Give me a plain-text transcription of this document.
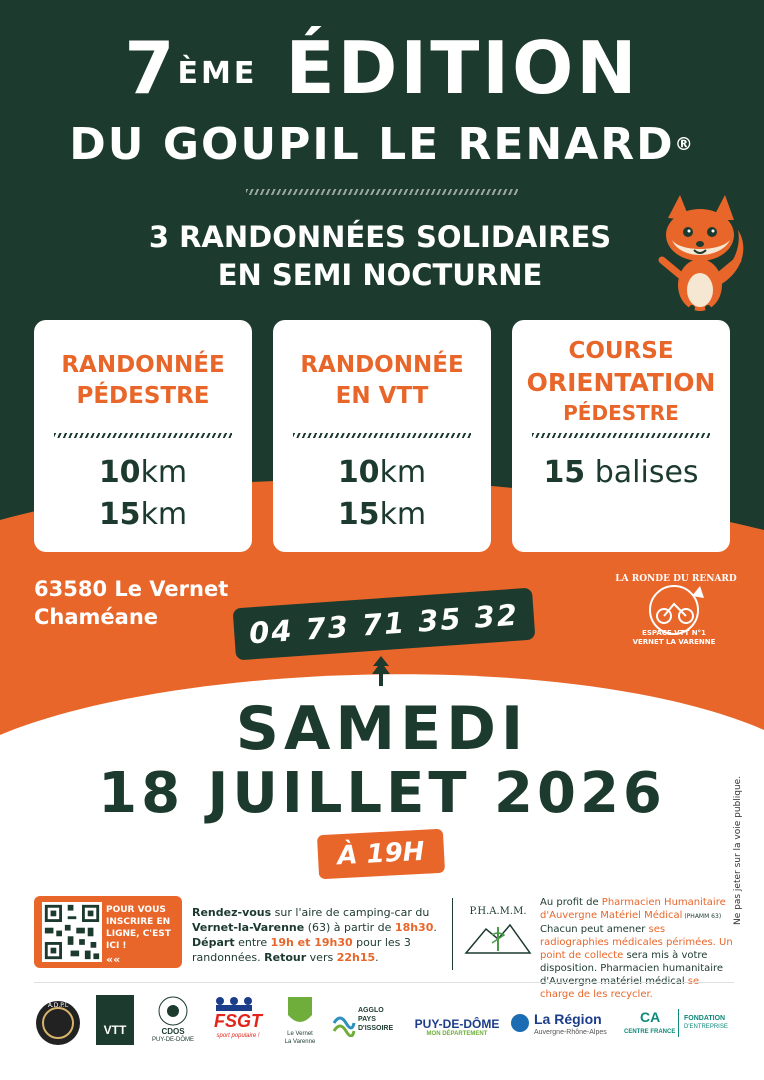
7ÈME ÉDITION
DU GOUPIL LE RENARD®
3 RANDONNÉES SOLIDAIRES
EN SEMI NOCTURNE
RANDONNÉE
PÉDESTRE
10km
15km
RANDONNÉE
EN VTT
10km
15km
COURSE
ORIENTATION
PÉDESTRE
15 balises
63580 Le Vernet
Chaméane	04 73 71 35 32
LA RONDE DU RENARD
ESPACE VTT N°1
VERNET LA VARENNE
SAMEDI
18 JUILLET 2026
À 19H	Ne pas jeter sur la voie publique.
POUR VOUS INSCRIRE EN LIGNE, C'EST ICI !
««
Rendez-vous sur l'aire de camping-car du Vernet-la-Varenne (63) à partir de 18h30. Départ entre 19h et 19h30 pour les 3 randonnées. Retour vers 22h15.
P.H.A.M.M.
Au profit de Pharmacien Humanitaire d'Auvergne Matériel Médical (PHAMM 63)
Chacun peut amener ses radiographies médicales périmées. Un point de collecte sera mis à votre disposition. Pharmacien humanitaire charge de les recycler.
A.D.P.L
VTT	CDOS
PUY-DE-DÔME
FSGT
sport populaire !	Le Vernet
La Varenne
AGGLO
PAYS
D'ISSOIRE PUY-DE-DÔME
MON DÉPARTEMENT
La Région
Auvergne-Rhône-Alpes
CA
CENTRE FRANCE
FONDATION
D'ENTREPRISE
